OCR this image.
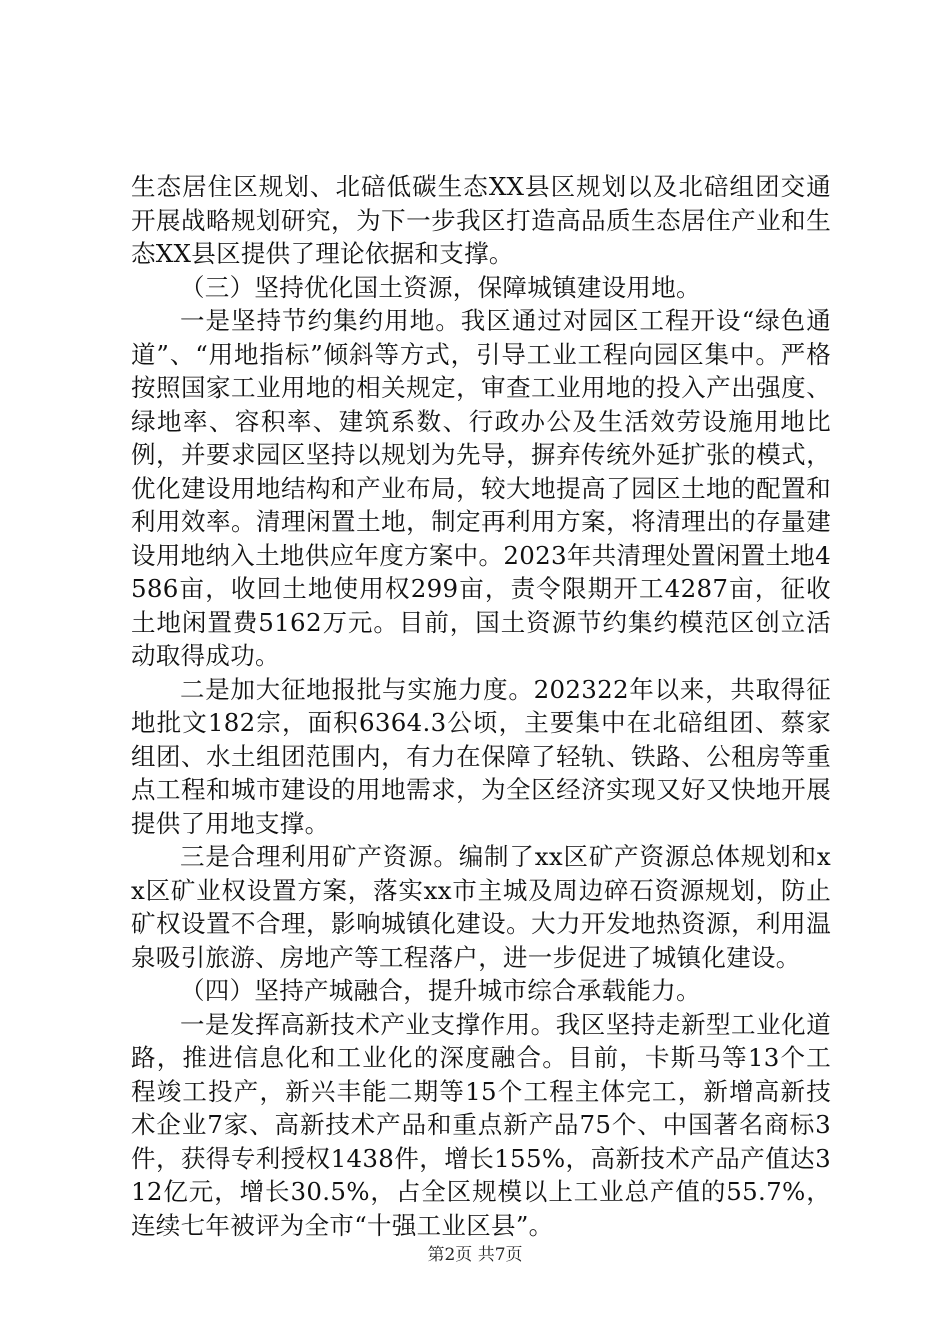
生态居住区规划、北碚低碳生态XX县区规划以及北碚组团交通开展战略规划研究，为下一步我区打造高品质生态居住产业和生态XX县区提供了理论依据和支撑。

（三）坚持优化国土资源，保障城镇建设用地。

一是坚持节约集约用地。我区通过对园区工程开设“绿色通道”、“用地指标”倾斜等方式，引导工业工程向园区集中。严格按照国家工业用地的相关规定，审查工业用地的投入产出强度、绿地率、容积率、建筑系数、行政办公及生活效劳设施用地比例，并要求园区坚持以规划为先导，摒弃传统外延扩张的模式，优化建设用地结构和产业布局，较大地提高了园区土地的配置和利用效率。清理闲置土地，制定再利用方案，将清理出的存量建设用地纳入土地供应年度方案中。2023年共清理处置闲置土地4586亩，收回土地使用权299亩，责令限期开工4287亩，征收土地闲置费5162万元。目前，国土资源节约集约模范区创立活动取得成功。

二是加大征地报批与实施力度。202322年以来，共取得征地批文182宗，面积6364.3公顷，主要集中在北碚组团、蔡家组团、水土组团范围内，有力在保障了轻轨、铁路、公租房等重点工程和城市建设的用地需求，为全区经济实现又好又快地开展提供了用地支撑。

三是合理利用矿产资源。编制了xx区矿产资源总体规划和xx区矿业权设置方案，落实xx市主城及周边碎石资源规划，防止矿权设置不合理，影响城镇化建设。大力开发地热资源，利用温泉吸引旅游、房地产等工程落户，进一步促进了城镇化建设。

（四）坚持产城融合，提升城市综合承载能力。

一是发挥高新技术产业支撑作用。我区坚持走新型工业化道路，推进信息化和工业化的深度融合。目前，卡斯马等13个工程竣工投产，新兴丰能二期等15个工程主体完工，新增高新技术企业7家、高新技术产品和重点新产品75个、中国著名商标3件，获得专利授权1438件，增长155%，高新技术产品产值达312亿元，增长30.5%，占全区规模以上工业总产值的55.7%，连续七年被评为全市“十强工业区县”。

第2页 共7页
